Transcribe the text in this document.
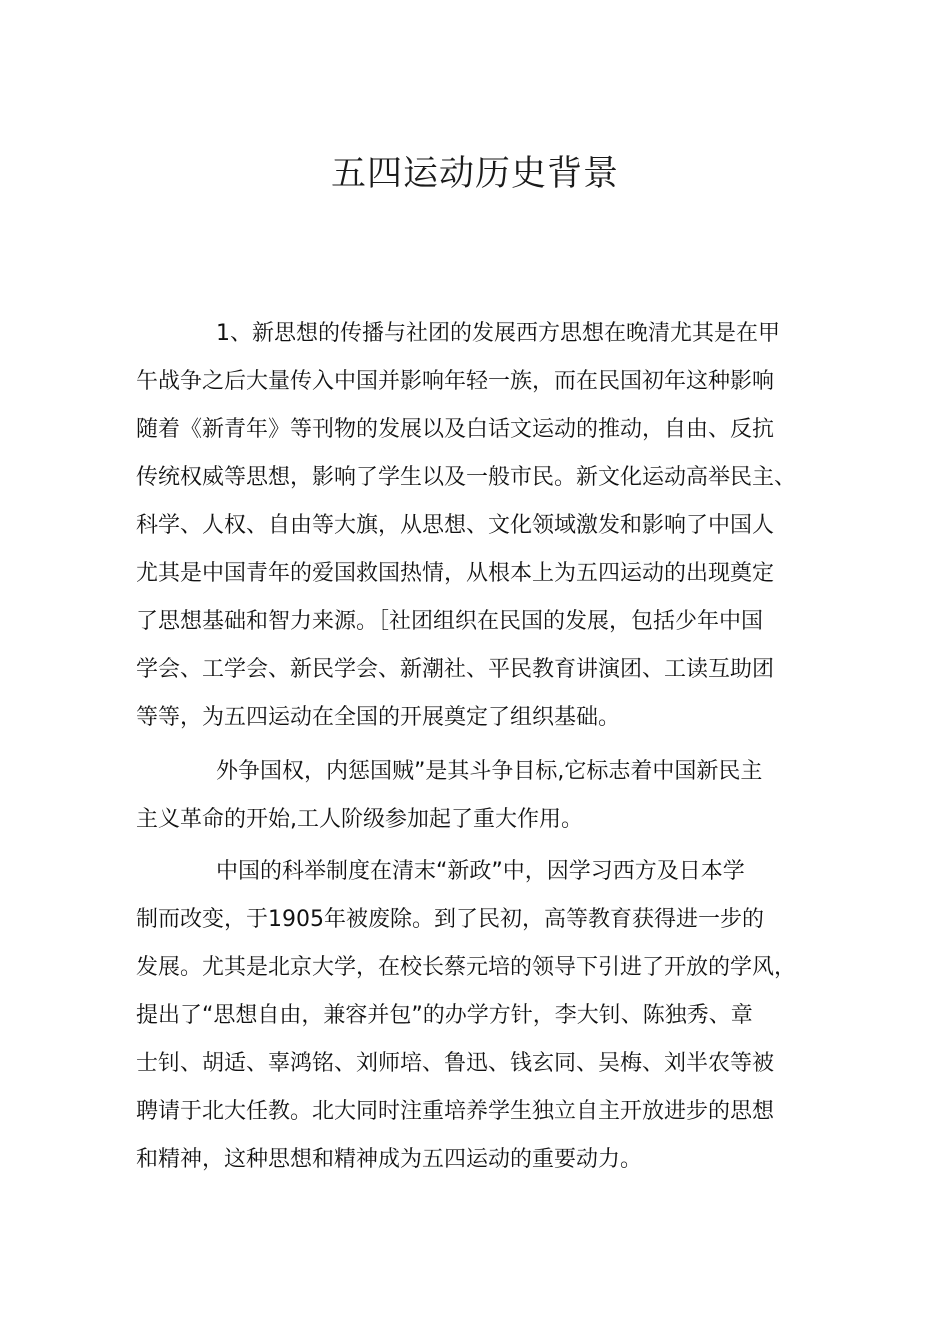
五四运动历史背景
1、新思想的传播与社团的发展西方思想在晚清尤其是在甲
午战争之后大量传入中国并影响年轻一族，而在民国初年这种影响
随着《新青年》等刊物的发展以及白话文运动的推动，自由、反抗
传统权威等思想，影响了学生以及一般市民。新文化运动高举民主、
科学、人权、自由等大旗，从思想、文化领域激发和影响了中国人
尤其是中国青年的爱国救国热情，从根本上为五四运动的出现奠定
了思想基础和智力来源。［社团组织在民国的发展，包括少年中国
学会、工学会、新民学会、新潮社、平民教育讲演团、工读互助团
等等，为五四运动在全国的开展奠定了组织基础。
外争国权，内惩国贼”是其斗争目标,它标志着中国新民主
主义革命的开始,工人阶级参加起了重大作用。
中国的科举制度在清末“新政”中，因学习西方及日本学
制而改变，于1905年被废除。到了民初，高等教育获得进一步的
发展。尤其是北京大学，在校长蔡元培的领导下引进了开放的学风，
提出了“思想自由，兼容并包”的办学方针，李大钊、陈独秀、章
士钊、胡适、辜鸿铭、刘师培、鲁迅、钱玄同、吴梅、刘半农等被
聘请于北大任教。北大同时注重培养学生独立自主开放进步的思想
和精神，这种思想和精神成为五四运动的重要动力。
